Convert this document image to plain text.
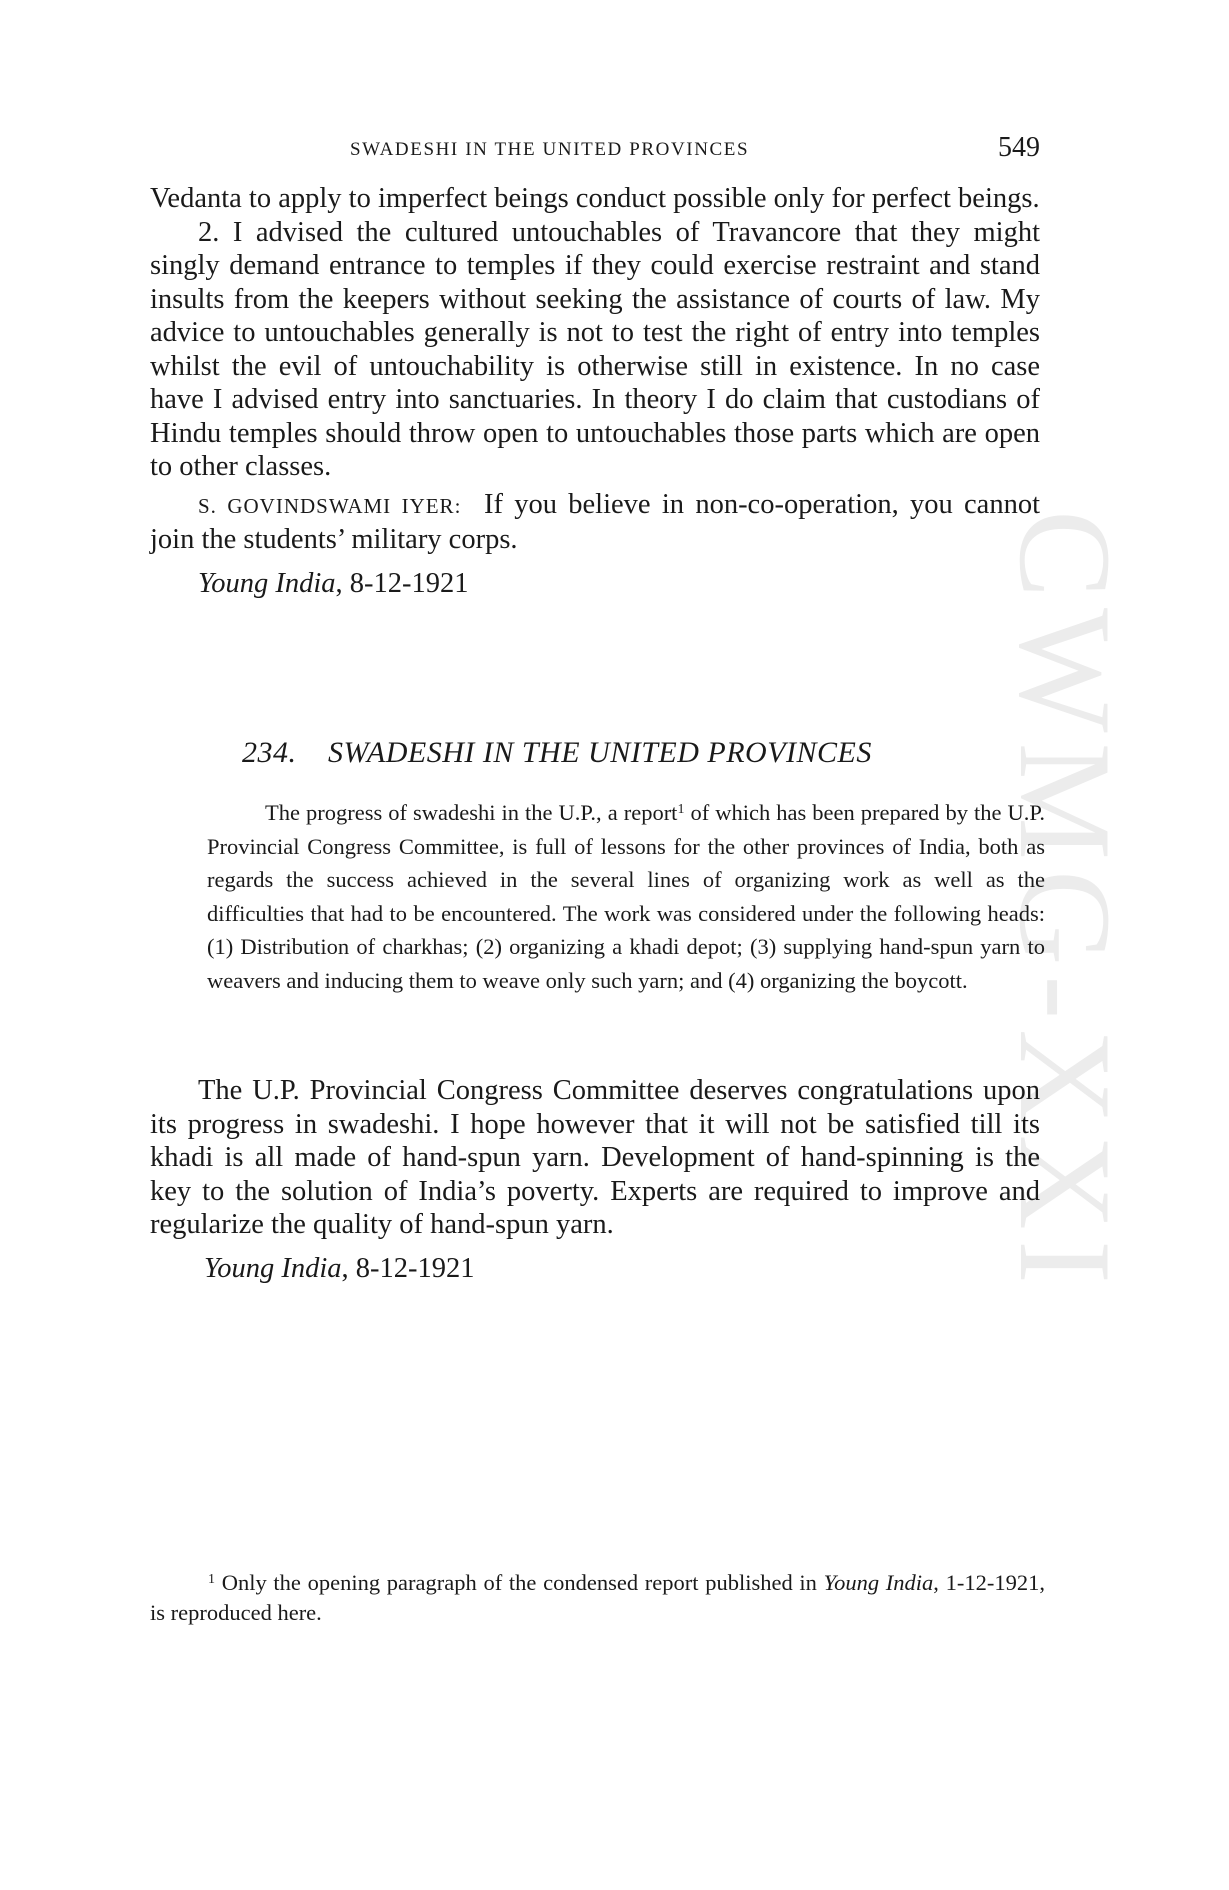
CWMG-XXI
SWADESHI IN THE UNITED PROVINCES	549

Vedanta to apply to imperfect beings conduct possible only for perfect beings.

2. I advised the cultured untouchables of Travancore that they might singly demand entrance to temples if they could exercise restraint and stand insults from the keepers without seeking the assistance of courts of law. My advice to untouchables generally is not to test the right of entry into temples whilst the evil of untouchability is otherwise still in existence. In no case have I advised entry into sanctuaries. In theory I do claim that custodians of Hindu temples should throw open to untouchables those parts which are open to other classes.

S. GOVINDSWAMI IYER: If you believe in non-co-operation, you cannot join the students’ military corps.

Young India, 8-12-1921

234. SWADESHI IN THE UNITED PROVINCES

The progress of swadeshi in the U.P., a report$^1$ of which has been prepared by the U.P. Provincial Congress Committee, is full of lessons for the other provinces of India, both as regards the success achieved in the several lines of organizing work as well as the difficulties that had to be encountered. The work was considered under the following heads: (1) Distribution of charkhas; (2) organizing a khadi depot; (3) supplying hand-spun yarn to weavers and inducing them to weave only such yarn; and (4) organizing the boycott.

The U.P. Provincial Congress Committee deserves congratulations upon its progress in swadeshi. I hope however that it will not be satisfied till its khadi is all made of hand-spun yarn. Development of hand-spinning is the key to the solution of India’s poverty. Experts are required to improve and regularize the quality of hand-spun yarn.

Young India, 8-12-1921

$^1$ Only the opening paragraph of the condensed report published in Young India, 1-12-1921, is reproduced here.
